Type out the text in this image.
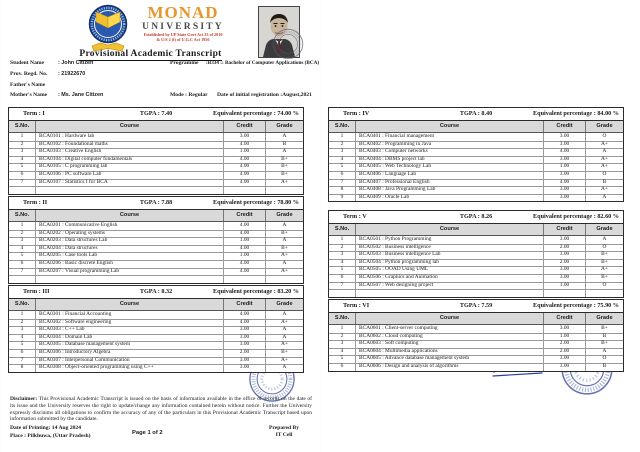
MONAD
UNIVERSITY
Established by UP State Govt Act 23 of 2010
& U/S 2 (f) of U.G.C Act 1956
Provisional Academic Transcript
Student Name	: John Citizen	Programme :B334 :: Bachelor of Computer Applications (BCA)
Prov. Regd. No. : 21922670
Father's Name
Mother's Name : Ms. Jane Citizen	Mode : Regular Date of initial registration :August,2021
Disclaimer: This Provisional Academic Transcript is issued on the basis of information available in the office of records on the date of its issue and the University reserves the right to update/change any information contained herein without notice. Further the University expressly disclaims all obligations to confirm the accuracy of any of the particulars in this Provisional Academic Transcript based upon information submitted by the candidate.
Date of Printing: 14 Aug 2024
Place : Pilkhuwa, (Uttar Pradesh)	Page 1 of 2
Prepared By
IT Cell
Term : I	TGPA : 7.40	Equivalent percentage : 74.00 %
S.No.	Course	Credit	Grade
1	BCA0101 : Hardware lab	3.00	A
2	BCA0102 : Foundational maths	4.00	B
3	BCA0103 : Creative English	1.00	A
4	BCA0104 : Digital computer fundamentals	4.00	B+
5	BCA0105 : C programming lab	4.00	B+
6	BCA0106 : PC software Lab	4.00	B+
7	BCA0107 : Statistics I for BCA	4.00	A+
Term : II	TGPA : 7.88	Equivalent percentage : 78.80 %
S.No.	Course	Credit	Grade
1	BCA0201 : Communicative English	4.00	A
2	BCA0202 : Operating systems	4.00	B+
3	BCA0203 : Data structures Lab	1.00	A
4	BCA0204 : Data structures	4.00	B+
5	BCA0205 : Case tools Lab	1.00	A+
6	BCA0206 : Basic discrete English	4.00	A
7	BCA0207 : Visual programming Lab	4.00	A+
Term : III	TGPA : 8.32	Equivalent percentage : 83.20 %
S.No.	Course	Credit	Grade
1	BCA0301 : Financial Accounting	4.00	A
2	BCA0302 : Software engineering	4.00	A+
3	BCA0303 : C++ Lab	3.00	A
4	BCA0304 : Domain Lab	3.00	A
5	BCA0305 : Database management system	3.00	A+
6	BCA0306 : Introductory Algebra	2.00	B+
7	BCA0307 : Interpersonal Communication	3.00	A+
8	BCA0308 : Object-oriented programming using C++	3.00	A
Term : IV	TGPA : 8.40	Equivalent percentage : 84.00 %
S.No.	Course	Credit	Grade
1	BCA0401 : Financial management	3.00	O
2	BCA0402 : Programming in Java	3.00	A+
3	BCA0403 : Computer networks	4.00	A
4	BCA0404 : DBMS project lab	3.00	A+
5	BCA0405 : Web Technology Lab	1.00	A+
6	BCA0406 : Language Lab	3.00	O
7	BCA0407 : Professional English	4.00	B
8	BCA0408 : Java Programming Lab	3.00	A+
9	BCA0409 : Oracle Lab	3.00	A
Term : V	TGPA : 8.26	Equivalent percentage : 82.60 %
S.No.	Course	Credit	Grade
1	BCA0501 : Python Programming	3.00	A
2	BCA0502 : Business intelligence	2.00	O
3	BCA0503 : Business intelligence Lab	3.00	B+
4	BCA0504 : Python programming lab	2.00	B+
5	BCA0505 : OOAD Using UML	3.00	A+
6	BCA0506 : Graphics and Animation	3.00	B+
7	BCA0507 : Web designing project	1.00	O
Term : VI	TGPA : 7.59	Equivalent percentage : 75.90 %
S.No.	Course	Credit	Grade
1	BCA0601 : Client-server computing	3.00	B+
2	BCA0602 : Cloud computing	1.00	B
3	BCA0603 : Soft computing	2.00	B+
4	BCA0604 : Multimedia applications	2.00	A
5	BCA0605 : Advance database management system	3.00	O
6	BCA0606 : Design and analysis of algorithms	3.00	B
